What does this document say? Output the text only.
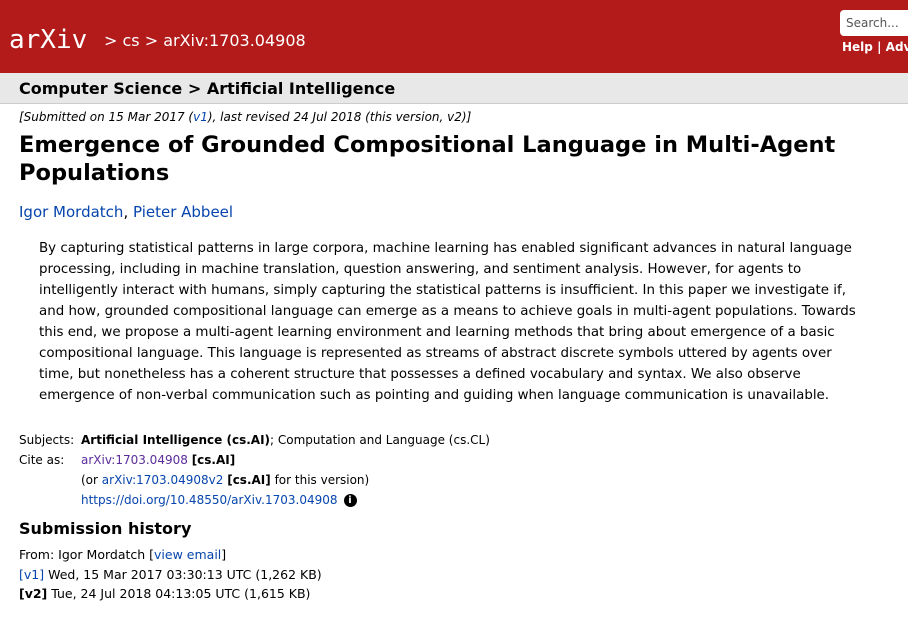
arXiv > cs > arXiv:1703.04908
Search...
Help | Adva
Computer Science > Artificial Intelligence
[Submitted on 15 Mar 2017 (v1), last revised 24 Jul 2018 (this version, v2)]
Emergence of Grounded Compositional Language in Multi-Agent Populations
Igor Mordatch, Pieter Abbeel
By capturing statistical patterns in large corpora, machine learning has enabled significant advances in natural language processing, including in machine translation, question answering, and sentiment analysis. However, for agents to intelligently interact with humans, simply capturing the statistical patterns is insufficient. In this paper we investigate if, and how, grounded compositional language can emerge as a means to achieve goals in multi-agent populations. Towards this end, we propose a multi-agent learning environment and learning methods that bring about emergence of a basic compositional language. This language is represented as streams of abstract discrete symbols uttered by agents over time, but nonetheless has a coherent structure that possesses a defined vocabulary and syntax. We also observe emergence of non-verbal communication such as pointing and guiding when language communication is unavailable.
Subjects: Artificial Intelligence (cs.AI); Computation and Language (cs.CL)
Cite as:	arXiv:1703.04908 [cs.AI]
(or arXiv:1703.04908v2 [cs.AI] for this version)
https://doi.org/10.48550/arXiv.1703.04908 i
Submission history
From: Igor Mordatch [view email]
[v1] Wed, 15 Mar 2017 03:30:13 UTC (1,262 KB)
[v2] Tue, 24 Jul 2018 04:13:05 UTC (1,615 KB)
